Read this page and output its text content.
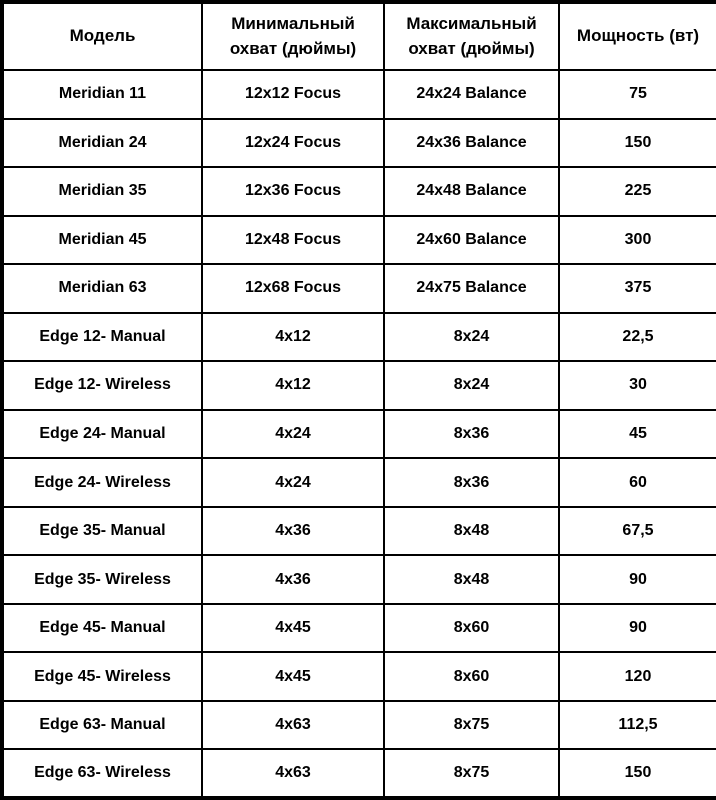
Модель	Минимальный охват (дюймы)	Максимальный охват (дюймы)	Мощность (вт)
Meridian 11	12x12 Focus	24x24 Balance	75
Meridian 24	12x24 Focus	24x36 Balance	150
Meridian 35	12x36 Focus	24x48 Balance	225
Meridian 45	12x48 Focus	24x60 Balance	300
Meridian 63	12x68 Focus	24x75 Balance	375
Edge 12- Manual	4x12	8x24	22,5
Edge 12- Wireless	4x12	8x24	30
Edge 24- Manual	4x24	8x36	45
Edge 24- Wireless	4x24	8x36	60
Edge 35- Manual	4x36	8x48	67,5
Edge 35- Wireless	4x36	8x48	90
Edge 45- Manual	4x45	8x60	90
Edge 45- Wireless	4x45	8x60	120
Edge 63- Manual	4x63	8x75	112,5
Edge 63- Wireless	4x63	8x75	150
